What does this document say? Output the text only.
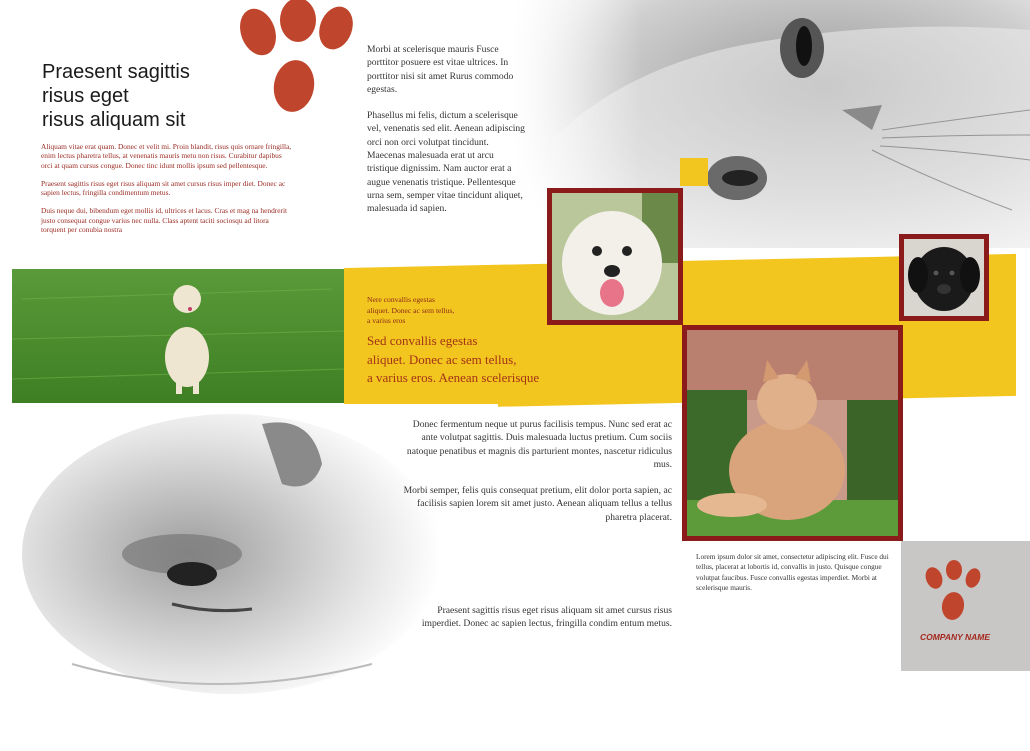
Praesent sagittis
risus eget
risus aliquam sit

Aliquam vitae erat quam. Donec et velit mi. Proin blandit, risus quis ornare fringilla, enim lectus pharetra tellus, at venenatis mauris metu non risus. Curabitur dapibus orci at quam cursus congue. Donec tinc idunt mollis ipsum sed pellentesque.

Praesent sagittis risus eget risus aliquam sit amet cursus risus imper diet. Donec ac sapien lectus, fringilla condimentum metus.

Duis neque dui, bibendum eget mollis id, ultrices et lacus. Cras et mag na hendrerit justo consequat congue varius nec nulla. Class aptent taciti sociosqu ad litora torquent per conubia nostra

Morbi at scelerisque mauris Fusce porttitor posuere est vitae ultrices. In porttitor nisi sit amet Rurus commodo egestas.

Phasellus mi felis, dictum a scelerisque vel, venenatis sed elit. Aenean adipiscing orci non orci volutpat tincidunt. Maecenas malesuada erat ut arcu tristique dignissim. Nam auctor erat a augue venenatis tristique. Pellentesque urna sem, semper vitae tincidunt aliquet, malesuada id sapien.

Nere convallis egestas
aliquet. Donec ac sem tellus,
a varius eros
Sed convallis egestas
aliquet. Donec ac sem tellus,
a varius eros. Aenean scelerisque

Donec fermentum neque ut purus facilisis tempus. Nunc sed erat ac ante volutpat sagittis. Duis malesuada luctus pretium. Cum sociis natoque penatibus et magnis dis parturient montes, nascetur ridiculus mus.

Morbi semper, felis quis consequat pretium, elit dolor porta sapien, ac facilisis sapien lorem sit amet justo. Aenean aliquam tellus a tellus pharetra placerat.

Praesent sagittis risus eget risus aliquam sit amet cursus risus imperdiet. Donec ac sapien lectus, fringilla condim entum metus.
Lorem ipsum dolor sit amet, consectetur adipiscing elit. Fusce dui tellus, placerat at lobortis id, convallis in justo. Quisque congue volutpat faucibus. Fusce convallis egestas imperdiet. Morbi at scelerisque mauris.
COMPANY NAME
